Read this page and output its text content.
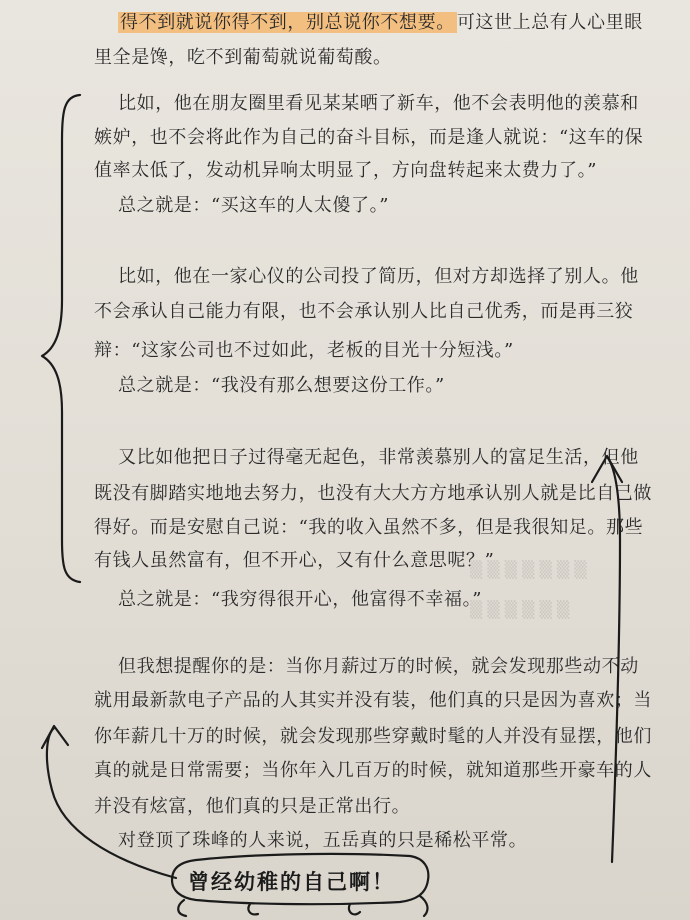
▒ ▒ ▒ ▒ ▒ ▒ ▒
▒ ▒ ▒ ▒ ▒ ▒
得不到就说你得不到，别总说你不想要。 可这世上总有人心里眼
里全是馋，吃不到葡萄就说葡萄酸。
比如，他在朋友圈里看见某某晒了新车，他不会表明他的羡慕和
嫉妒，也不会将此作为自己的奋斗目标，而是逢人就说：“这车的保
值率太低了，发动机异响太明显了，方向盘转起来太费力了。”
总之就是：“买这车的人太傻了。”
比如，他在一家心仪的公司投了简历，但对方却选择了别人。他
不会承认自己能力有限，也不会承认别人比自己优秀，而是再三狡
辩：“这家公司也不过如此，老板的目光十分短浅。”
总之就是：“我没有那么想要这份工作。”
又比如他把日子过得毫无起色，非常羡慕别人的富足生活，但他
既没有脚踏实地地去努力，也没有大大方方地承认别人就是比自己做
得好。而是安慰自己说：“我的收入虽然不多，但是我很知足。那些
有钱人虽然富有，但不开心，又有什么意思呢？”
总之就是：“我穷得很开心，他富得不幸福。”
但我想提醒你的是：当你月薪过万的时候，就会发现那些动不动
就用最新款电子产品的人其实并没有装，他们真的只是因为喜欢；当
你年薪几十万的时候，就会发现那些穿戴时髦的人并没有显摆，他们
真的就是日常需要；当你年入几百万的时候，就知道那些开豪车的人
并没有炫富，他们真的只是正常出行。
对登顶了珠峰的人来说，五岳真的只是稀松平常。
曾经幼稚的自己啊！
